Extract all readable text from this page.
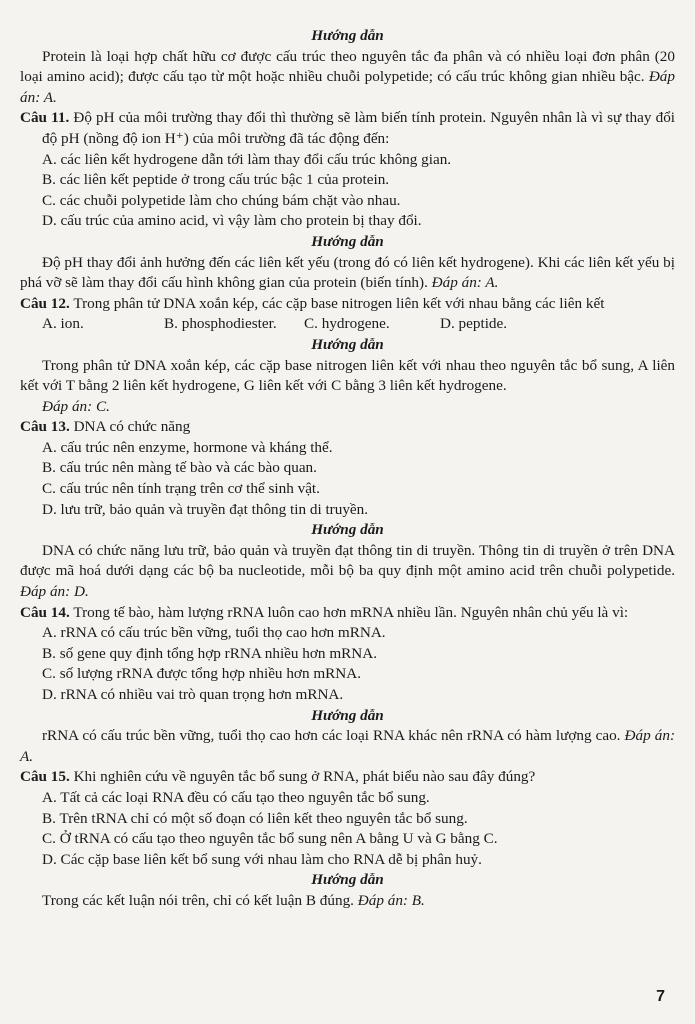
Hướng dẫn

Protein là loại hợp chất hữu cơ được cấu trúc theo nguyên tắc đa phân và có nhiều loại đơn phân (20 loại amino acid); được cấu tạo từ một hoặc nhiều chuỗi polypetide; có cấu trúc không gian nhiều bậc. Đáp án: A.

Câu 11. Độ pH của môi trường thay đổi thì thường sẽ làm biến tính protein. Nguyên nhân là vì sự thay đổi độ pH (nồng độ ion H⁺) của môi trường đã tác động đến:

A. các liên kết hydrogene dẫn tới làm thay đổi cấu trúc không gian.

B. các liên kết peptide ở trong cấu trúc bậc 1 của protein.

C. các chuỗi polypetide làm cho chúng bám chặt vào nhau.

D. cấu trúc của amino acid, vì vậy làm cho protein bị thay đổi.

Hướng dẫn

Độ pH thay đổi ảnh hưởng đến các liên kết yếu (trong đó có liên kết hydrogene). Khi các liên kết yếu bị phá vỡ sẽ làm thay đổi cấu hình không gian của protein (biến tính). Đáp án: A.

Câu 12. Trong phân tử DNA xoắn kép, các cặp base nitrogen liên kết với nhau bằng các liên kết

A. ion.	B. phosphodiester.	C. hydrogene.	D. peptide.

Hướng dẫn

Trong phân tử DNA xoắn kép, các cặp base nitrogen liên kết với nhau theo nguyên tắc bổ sung, A liên kết với T bằng 2 liên kết hydrogene, G liên kết với C bằng 3 liên kết hydrogene.

Đáp án: C.

Câu 13. DNA có chức năng

A. cấu trúc nên enzyme, hormone và kháng thể.

B. cấu trúc nên màng tế bào và các bào quan.

C. cấu trúc nên tính trạng trên cơ thể sinh vật.

D. lưu trữ, bảo quản và truyền đạt thông tin di truyền.

Hướng dẫn

DNA có chức năng lưu trữ, bảo quản và truyền đạt thông tin di truyền. Thông tin di truyền ở trên DNA được mã hoá dưới dạng các bộ ba nucleotide, mỗi bộ ba quy định một amino acid trên chuỗi polypetide. Đáp án: D.

Câu 14. Trong tế bào, hàm lượng rRNA luôn cao hơn mRNA nhiều lần. Nguyên nhân chủ yếu là vì:

A. rRNA có cấu trúc bền vững, tuổi thọ cao hơn mRNA.

B. số gene quy định tổng hợp rRNA nhiều hơn mRNA.

C. số lượng rRNA được tổng hợp nhiều hơn mRNA.

D. rRNA có nhiều vai trò quan trọng hơn mRNA.

Hướng dẫn

rRNA có cấu trúc bền vững, tuổi thọ cao hơn các loại RNA khác nên rRNA có hàm lượng cao. Đáp án: A.

Câu 15. Khi nghiên cứu về nguyên tắc bổ sung ở RNA, phát biểu nào sau đây đúng?

A. Tất cả các loại RNA đều có cấu tạo theo nguyên tắc bổ sung.

B. Trên tRNA chỉ có một số đoạn có liên kết theo nguyên tắc bổ sung.

C. Ở tRNA có cấu tạo theo nguyên tắc bổ sung nên A bằng U và G bằng C.

D. Các cặp base liên kết bổ sung với nhau làm cho RNA dễ bị phân huỷ.

Hướng dẫn

Trong các kết luận nói trên, chỉ có kết luận B đúng. Đáp án: B.

7
